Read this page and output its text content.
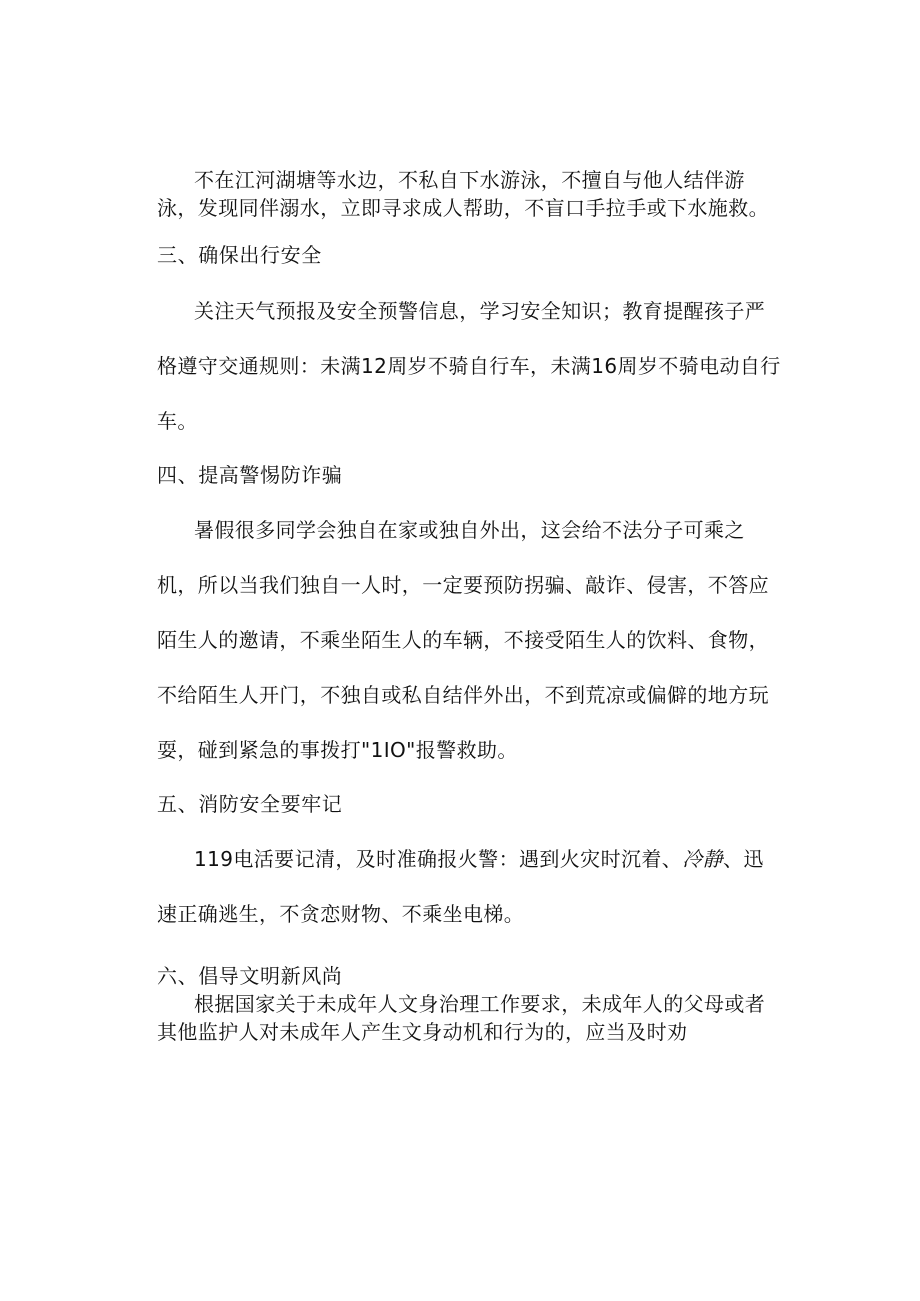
不在江河湖塘等水边，不私自下水游泳，不擅自与他人结伴游

泳，发现同伴溺水，立即寻求成人帮助，不盲口手拉手或下水施救。

三、确保出行安全

关注天气预报及安全预警信息，学习安全知识；教育提醒孩子严

格遵守交通规则：未满12周岁不骑自行车，未满16周岁不骑电动自行

车。

四、提高警惕防诈骗

暑假很多同学会独自在家或独自外出，这会给不法分子可乘之

机，所以当我们独自一人时，一定要预防拐骗、敲诈、侵害，不答应

陌生人的邀请，不乘坐陌生人的车辆，不接受陌生人的饮料、食物，

不给陌生人开门，不独自或私自结伴外出，不到荒凉或偏僻的地方玩

耍，碰到紧急的事拨打"1IO"报警救助。

五、消防安全要牢记

119电活要记清，及时准确报火警：遇到火灾时沉着、冷静、迅

速正确逃生，不贪恋财物、不乘坐电梯。

六、倡导文明新风尚

根据国家关于未成年人文身治理工作要求，未成年人的父母或者

其他监护人对未成年人产生文身动机和行为的，应当及时劝
